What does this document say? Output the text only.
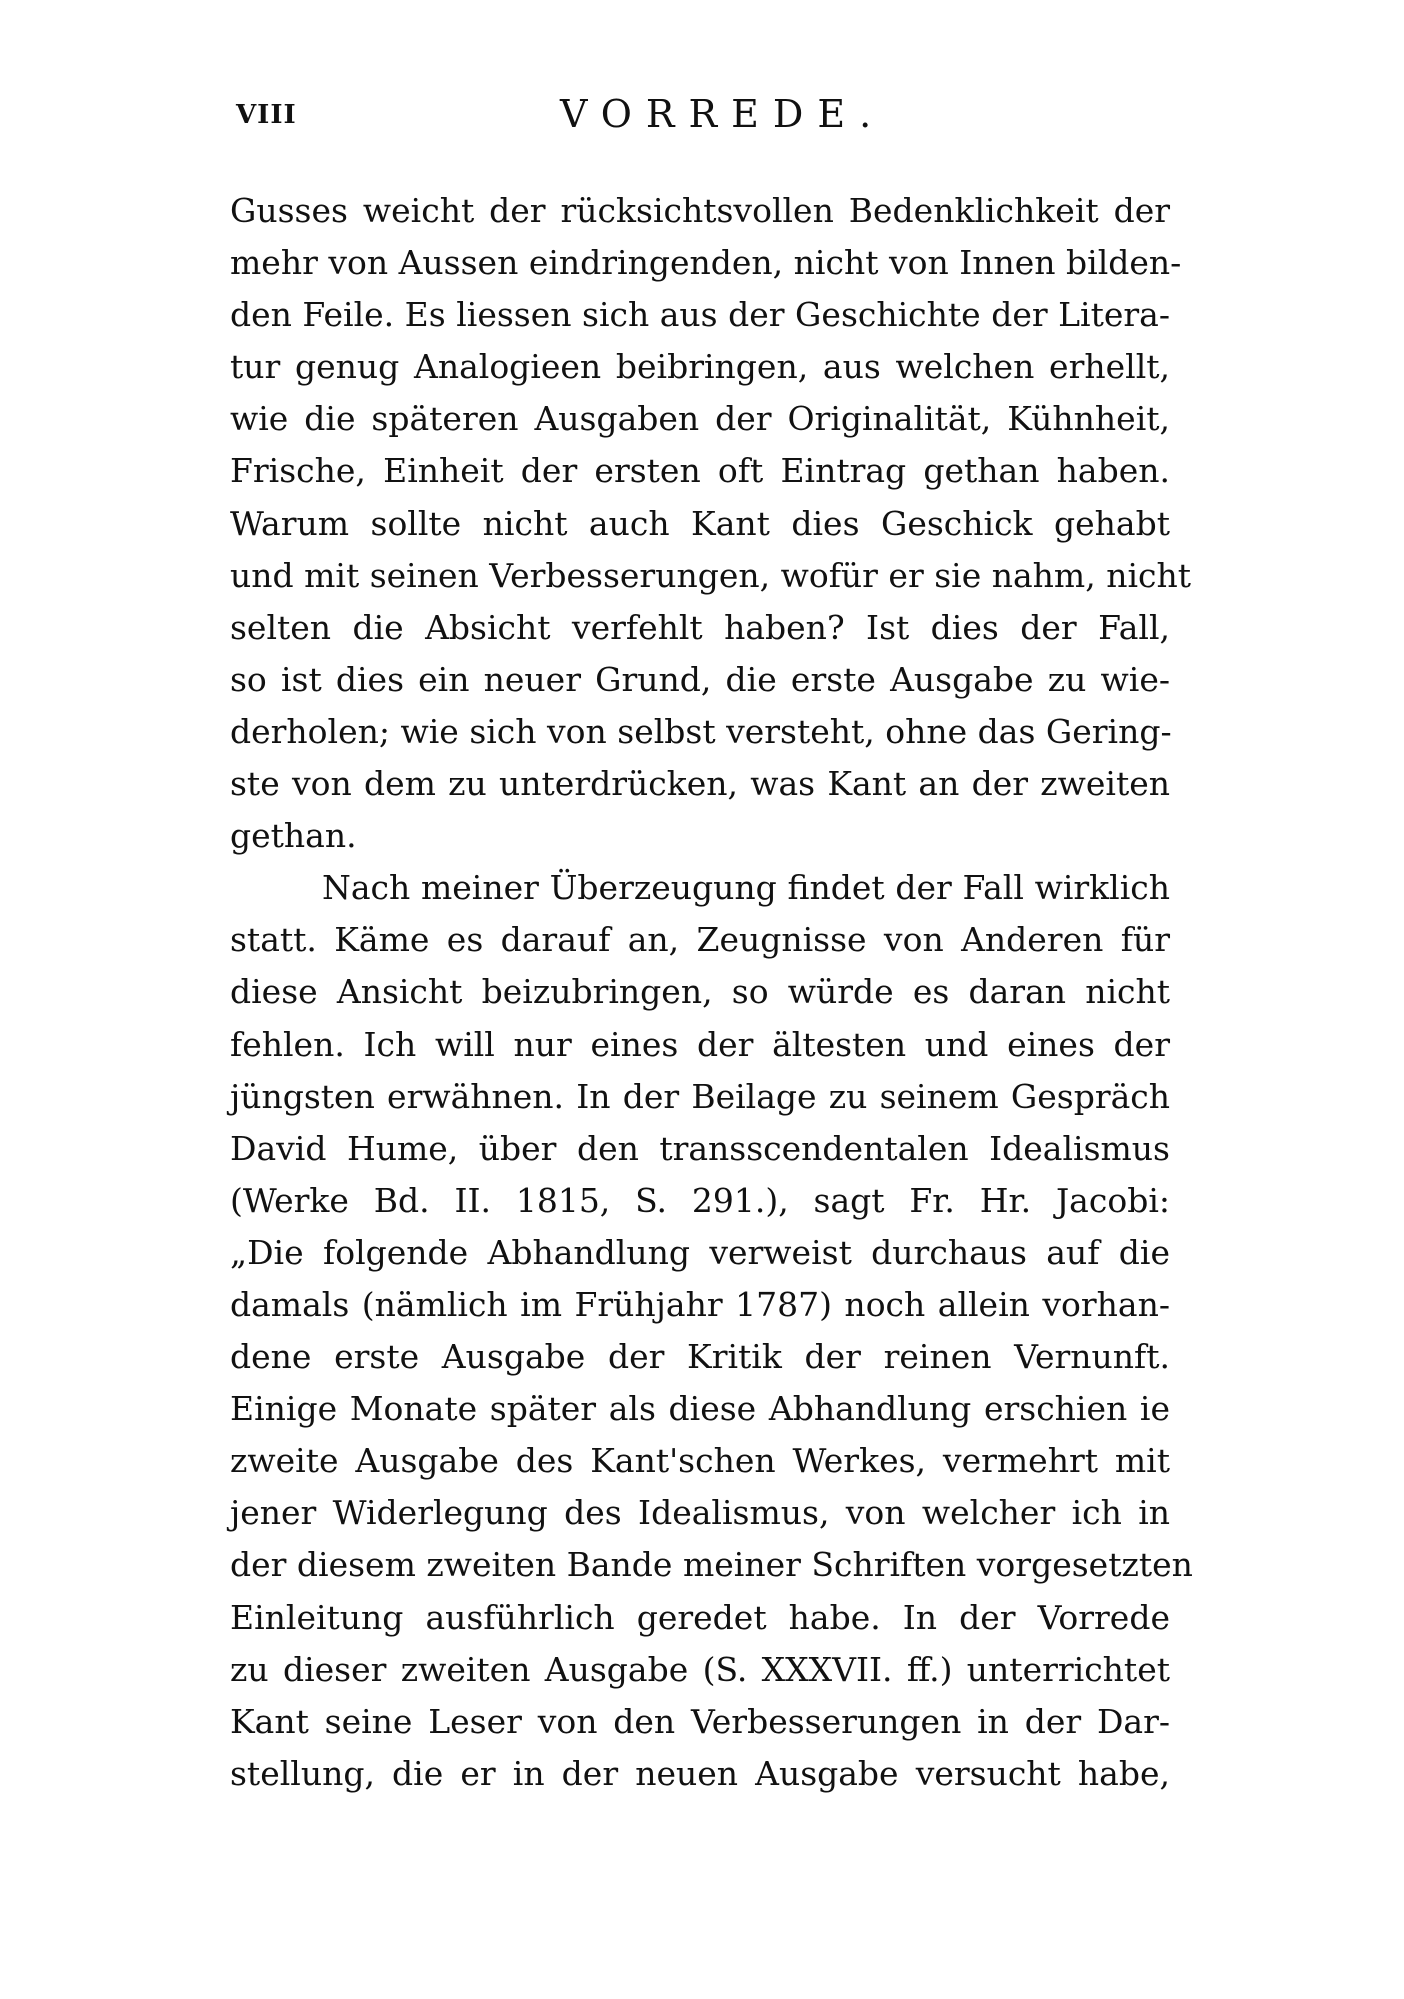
VIII	VORREDE.
Gusses weicht der rücksichtsvollen Bedenklichkeit der
mehr von Aussen eindringenden, nicht von Innen bilden-
den Feile. Es liessen sich aus der Geschichte der Litera-
tur genug Analogieen beibringen, aus welchen erhellt,
wie die späteren Ausgaben der Originalität, Kühnheit,
Frische, Einheit der ersten oft Eintrag gethan haben.
Warum sollte nicht auch Kant dies Geschick gehabt
und mit seinen Verbesserungen, wofür er sie nahm, nicht
selten die Absicht verfehlt haben? Ist dies der Fall,
so ist dies ein neuer Grund, die erste Ausgabe zu wie-
derholen; wie sich von selbst versteht, ohne das Gering-
ste von dem zu unterdrücken, was Kant an der zweiten
gethan.
Nach meiner Überzeugung findet der Fall wirklich
statt. Käme es darauf an, Zeugnisse von Anderen für
diese Ansicht beizubringen, so würde es daran nicht
fehlen. Ich will nur eines der ältesten und eines der
jüngsten erwähnen. In der Beilage zu seinem Gespräch
David Hume, über den transscendentalen Idealismus
(Werke Bd. II. 1815, S. 291.), sagt Fr. Hr. Jacobi:
„Die folgende Abhandlung verweist durchaus auf die
damals (nämlich im Frühjahr 1787) noch allein vorhan-
dene erste Ausgabe der Kritik der reinen Vernunft.
Einige Monate später als diese Abhandlung erschien ie
zweite Ausgabe des Kant'schen Werkes, vermehrt mit
jener Widerlegung des Idealismus, von welcher ich in
der diesem zweiten Bande meiner Schriften vorgesetzten
Einleitung ausführlich geredet habe. In der Vorrede
zu dieser zweiten Ausgabe (S. XXXVII. ff.) unterrichtet
Kant seine Leser von den Verbesserungen in der Dar-
stellung, die er in der neuen Ausgabe versucht habe,
